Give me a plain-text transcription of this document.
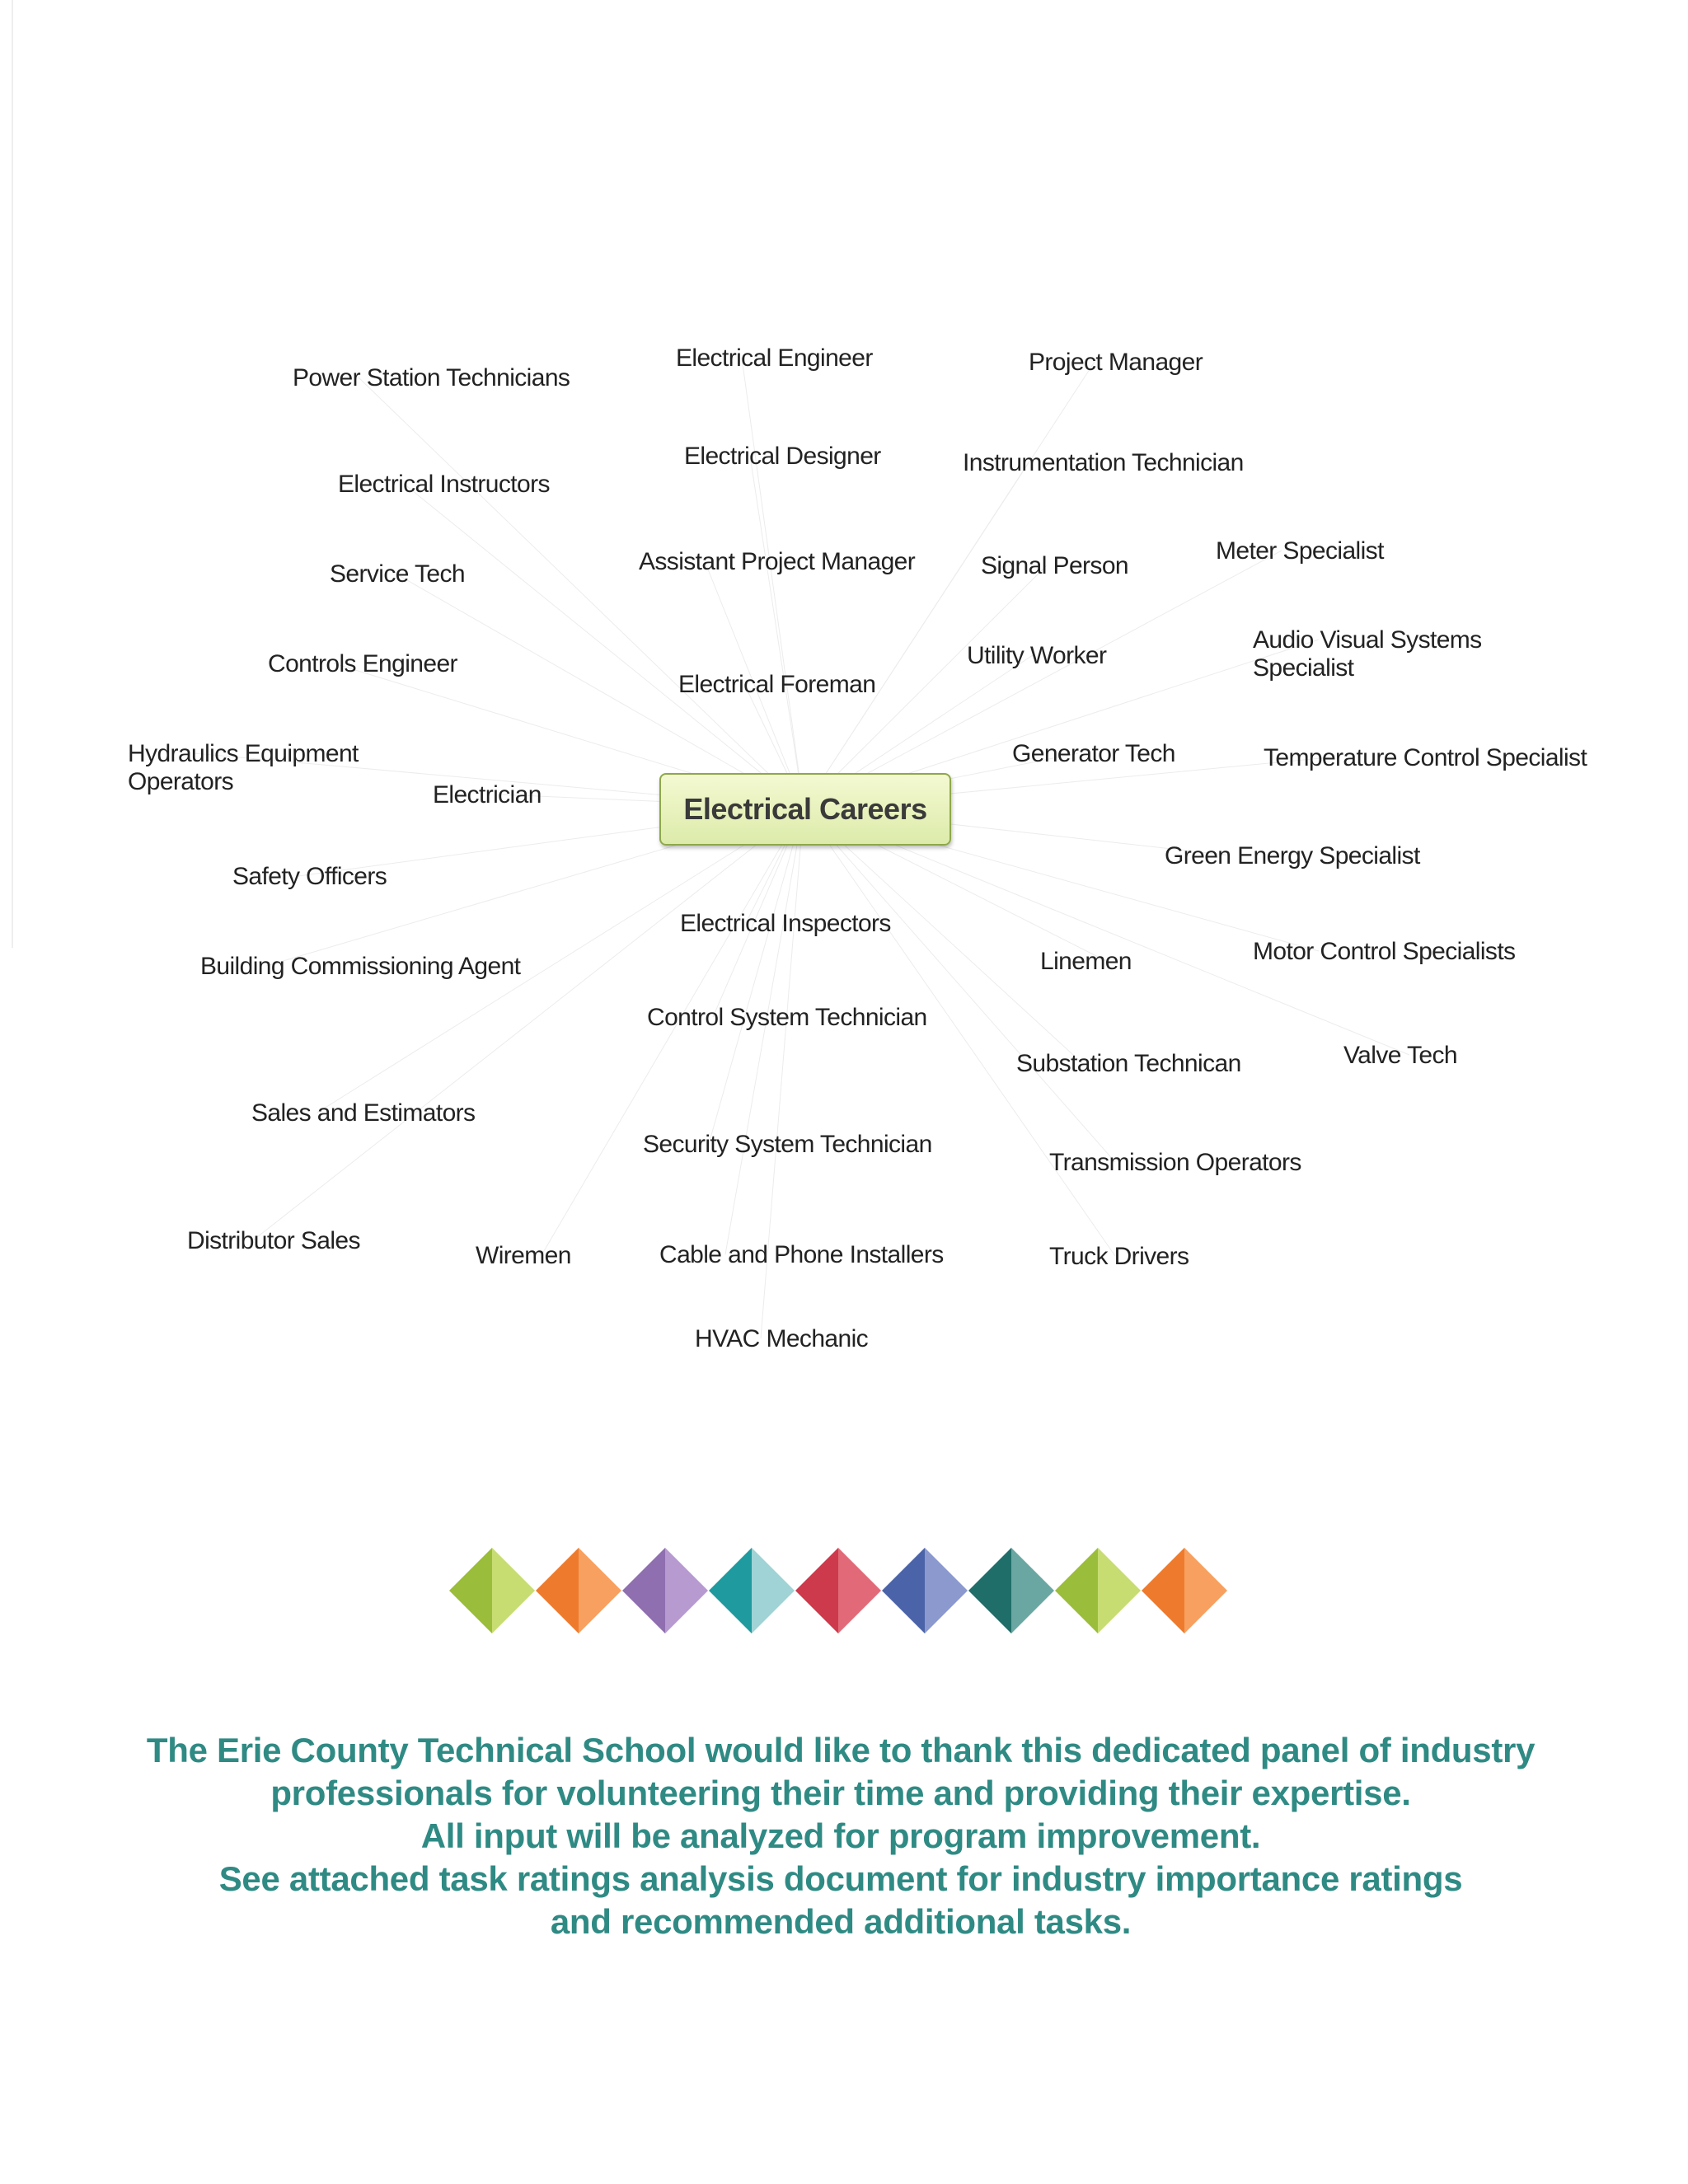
Power Station Technicians
Electrical Engineer	Project Manager
Electrical Instructors
Electrical Designer	Instrumentation Technician
Service Tech	Assistant Project Manager	Signal Person
Meter Specialist
Controls Engineer
Electrical Foreman
Utility Worker
Audio Visual Systems Specialist
Hydraulics Equipment Operators	Electrician
Generator Tech	Temperature Control Specialist
Safety Officers
Green Energy Specialist
Electrical Inspectors
Building Commissioning Agent	Linemen	Motor Control Specialists
Control System Technician
Substation Technican	Valve Tech
Sales and Estimators
Security System Technician
Transmission Operators
Distributor Sales
Wiremen	Cable and Phone Installers	Truck Drivers
HVAC Mechanic
Electrical Careers
The Erie County Technical School would like to thank this dedicated panel of industry
professionals for volunteering their time and providing their expertise.
All input will be analyzed for program improvement.
See attached task ratings analysis document for industry importance ratings
and recommended additional tasks.
